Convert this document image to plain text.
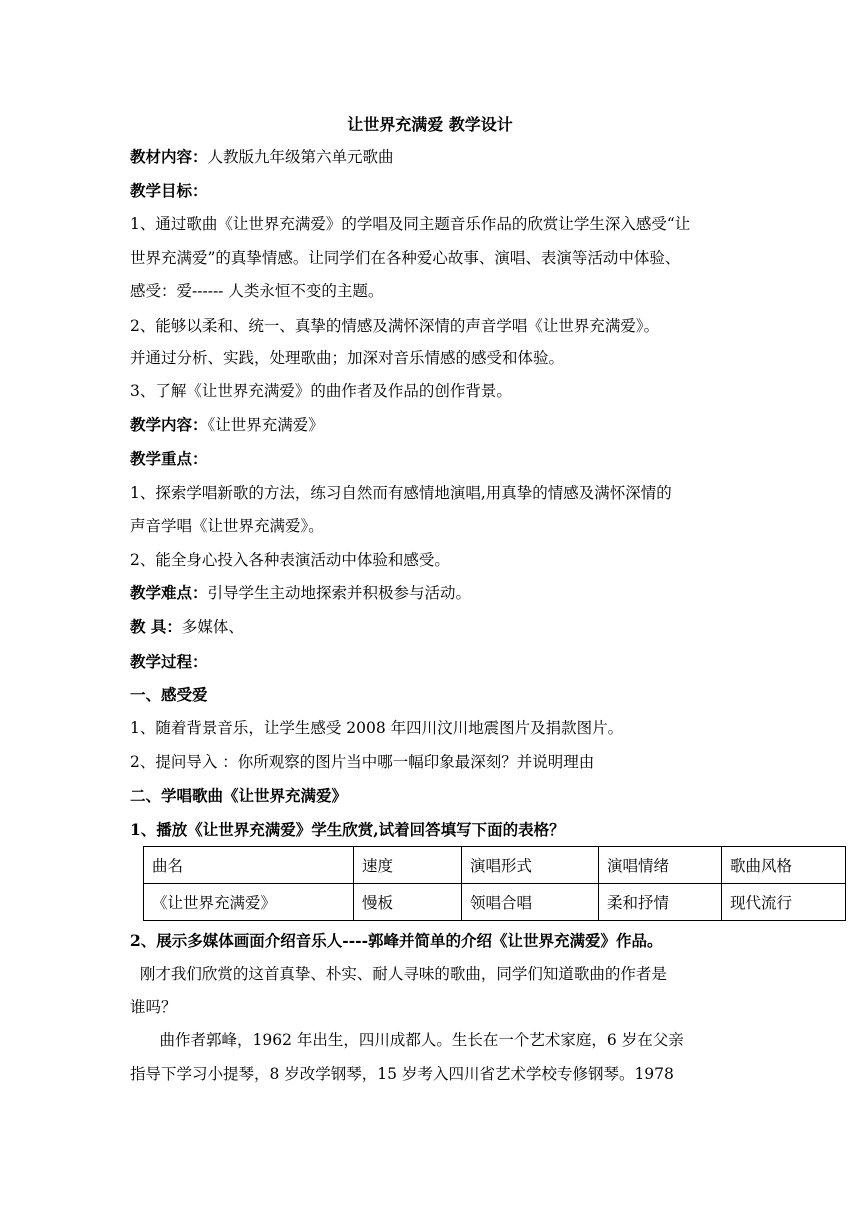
让世界充满爱 教学设计
教材内容：人教版九年级第六单元歌曲
教学目标：
1、通过歌曲《让世界充满爱》的学唱及同主题音乐作品的欣赏让学生深入感受“让
世界充满爱”的真挚情感。让同学们在各种爱心故事、演唱、表演等活动中体验、
感受：爱------ 人类永恒不变的主题。
2、能够以柔和、统一、真挚的情感及满怀深情的声音学唱《让世界充满爱》。
并通过分析、实践，处理歌曲；加深对音乐情感的感受和体验。
3、了解《让世界充满爱》的曲作者及作品的创作背景。
教学内容：《让世界充满爱》
教学重点：
1、探索学唱新歌的方法，练习自然而有感情地演唱,用真挚的情感及满怀深情的
声音学唱《让世界充满爱》。
2、能全身心投入各种表演活动中体验和感受。
教学难点：引导学生主动地探索并积极参与活动。
教 具：多媒体、
教学过程：
一、感受爱
1、随着背景音乐，让学生感受 2008 年四川汶川地震图片及捐款图片。
2、提问导入 ：你所观察的图片当中哪一幅印象最深刻？并说明理由
二、学唱歌曲《让世界充满爱》
1、播放《让世界充满爱》学生欣赏,试着回答填写下面的表格？
曲名	速度	演唱形式	演唱情绪	歌曲风格
《让世界充满爱》	慢板	领唱合唱	柔和抒情	现代流行
2、展示多媒体画面介绍音乐人----郭峰并简单的介绍《让世界充满爱》作品。
刚才我们欣赏的这首真挚、朴实、耐人寻味的歌曲，同学们知道歌曲的作者是
谁吗？
曲作者郭峰，1962 年出生，四川成都人。生长在一个艺术家庭，6 岁在父亲
指导下学习小提琴，8 岁改学钢琴，15 岁考入四川省艺术学校专修钢琴。1978
